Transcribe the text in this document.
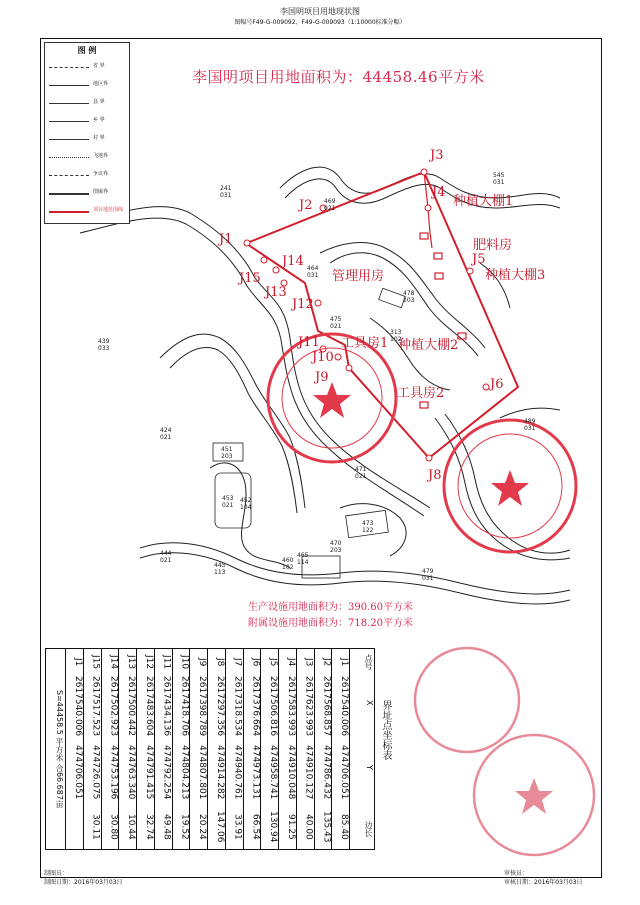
李国明项目用地现状图
图幅号F49-G-009092、F49-G-009093（1:10000标准分幅）
图 例
省 界
地区界
县 界
乡 界
村 界
飞地界
争议界
图廓界
项目地范围线
李国明项目用地面积为：44458.46平方米
J1
J2
J3
J4
J5
J6
J8
J9
J10
J11
J12
J13
J14
J15
种植大棚1
肥料房
种植大棚3
管理用房
工具房1 种植大棚2
工具房2
241
031
469
021
545
031
464
031
478
203
475
021
313
102
439
033
424
021
451
203
453
021
452
104
471
021
473
122
489
031
470
203
444
021
445
113
460
102
465
114
479
031
生产设施用地面积为：390.60平方米
附属设施用地面积为：718.20平方米
S=44458.5 平方米 合66.687亩
J1
2617540.006
474706.051
85.40
J2
2617568.857
474786.432
135.43
J3
2617623.993
474910.127
40.00
J4
2617583.993
474910.048
91.25
J5
2617506.816
474958.741
130.94
J6
2617376.664
474973.131
66.54
J7
2617318.534
474940.761
33.91
J8
2617297.356
474914.282
147.06
J9
2617398.789
474807.801
20.24
J10
2617418.706
474804.213
19.52
J11
2617434.136
474792.254
49.48
J12
2617483.604
474791.415
32.74
J13
2617500.442
474763.340
10.44
J14
2617502.923
474753.196
30.80
J15
2617517.523
474726.075
30.11
J1
2617540.006
474706.051
点号
X
Y
边长
界址点坐标表
制图员：
制图日期：2016年03月03日
审核员：
审核日期：2016年03月03日
